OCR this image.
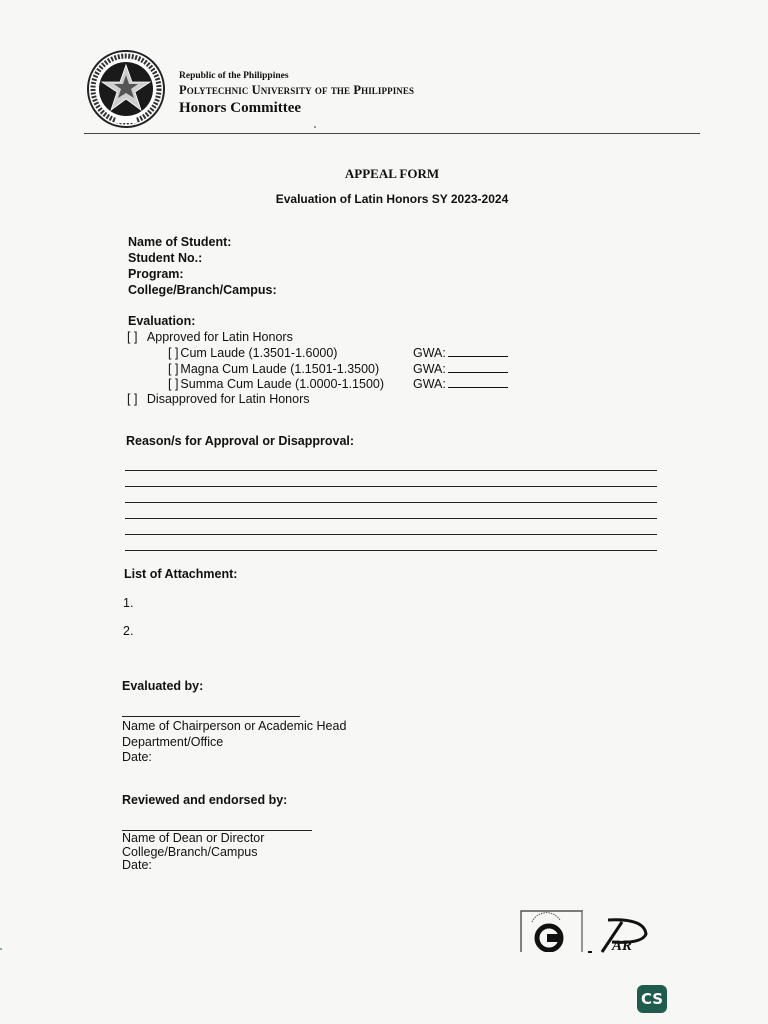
Republic of the Philippines
Polytechnic University of the Philippines
Honors Committee
APPEAL FORM
Evaluation of Latin Honors SY 2023-2024
Name of Student:
Student No.:
Program:
College/Branch/Campus:
Evaluation:
[ ] Approved for Latin Honors
[ ] Cum Laude (1.3501-1.6000)	GWA:
[ ] Magna Cum Laude (1.1501-1.3500)	GWA:
[ ] Summa Cum Laude (1.0000-1.1500) GWA:
[ ] Disapproved for Latin Honors
Reason/s for Approval or Disapproval:
List of Attachment:
1.
2.
Evaluated by:
Name of Chairperson or Academic Head
Department/Office
Date:
Reviewed and endorsed by:
Name of Dean or Director
College/Branch/Campus
Date:
AR
CS
